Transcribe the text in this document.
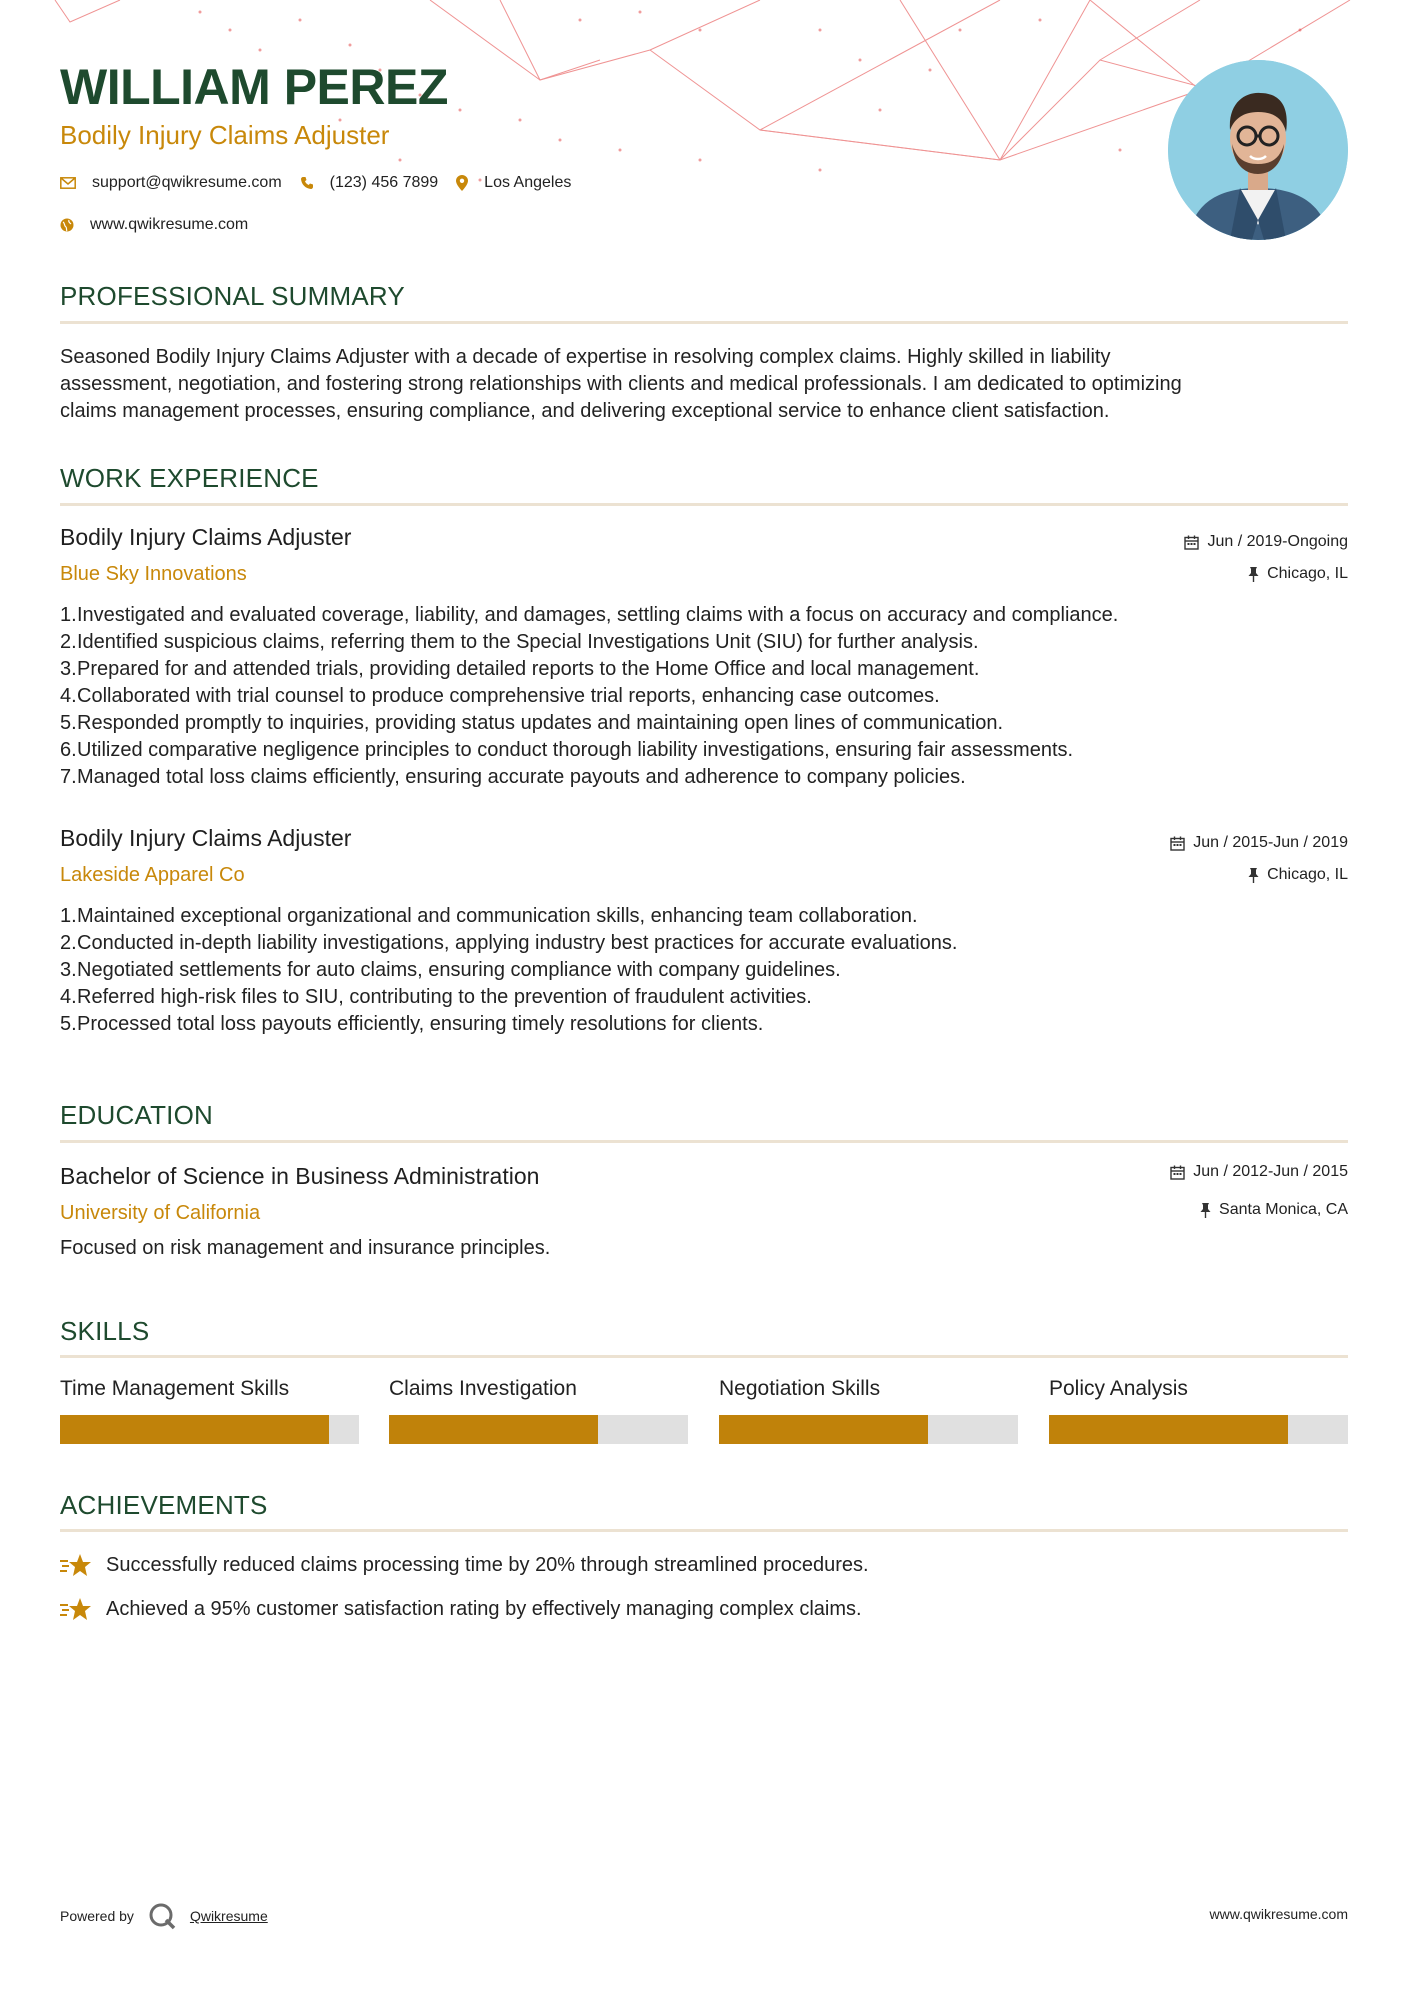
WILLIAM PEREZ

Bodily Injury Claims Adjuster

support@qwikresume.com	(123) 456 7899	Los Angeles
www.qwikresume.com
PROFESSIONAL SUMMARY
Seasoned Bodily Injury Claims Adjuster with a decade of expertise in resolving complex claims. Highly skilled in liability
assessment, negotiation, and fostering strong relationships with clients and medical professionals. I am dedicated to optimizing
claims management processes, ensuring compliance, and delivering exceptional service to enhance client satisfaction.
WORK EXPERIENCE

Bodily Injury Claims Adjuster

Blue Sky Innovations

Jun / 2019-Ongoing
Chicago, IL
1. Investigated and evaluated coverage, liability, and damages, settling claims with a focus on accuracy and compliance.
2. Identified suspicious claims, referring them to the Special Investigations Unit (SIU) for further analysis.
3. Prepared for and attended trials, providing detailed reports to the Home Office and local management.
4. Collaborated with trial counsel to produce comprehensive trial reports, enhancing case outcomes.
5. Responded promptly to inquiries, providing status updates and maintaining open lines of communication.
6. Utilized comparative negligence principles to conduct thorough liability investigations, ensuring fair assessments.
7. Managed total loss claims efficiently, ensuring accurate payouts and adherence to company policies.

Bodily Injury Claims Adjuster

Lakeside Apparel Co

Jun / 2015-Jun / 2019
Chicago, IL
1. Maintained exceptional organizational and communication skills, enhancing team collaboration.
2. Conducted in-depth liability investigations, applying industry best practices for accurate evaluations.
3. Negotiated settlements for auto claims, ensuring compliance with company guidelines.
4. Referred high-risk files to SIU, contributing to the prevention of fraudulent activities.
5. Processed total loss payouts efficiently, ensuring timely resolutions for clients.
EDUCATION

Bachelor of Science in Business Administration

University of California

Jun / 2012-Jun / 2015
Santa Monica, CA

Focused on risk management and insurance principles.

SKILLS

Time Management Skills	Claims Investigation	Negotiation Skills	Policy Analysis

ACHIEVEMENTS
Successfully reduced claims processing time by 20% through streamlined procedures.
Achieved a 95% customer satisfaction rating by effectively managing complex claims.
Powered by	Qwikresume	www.qwikresume.com
